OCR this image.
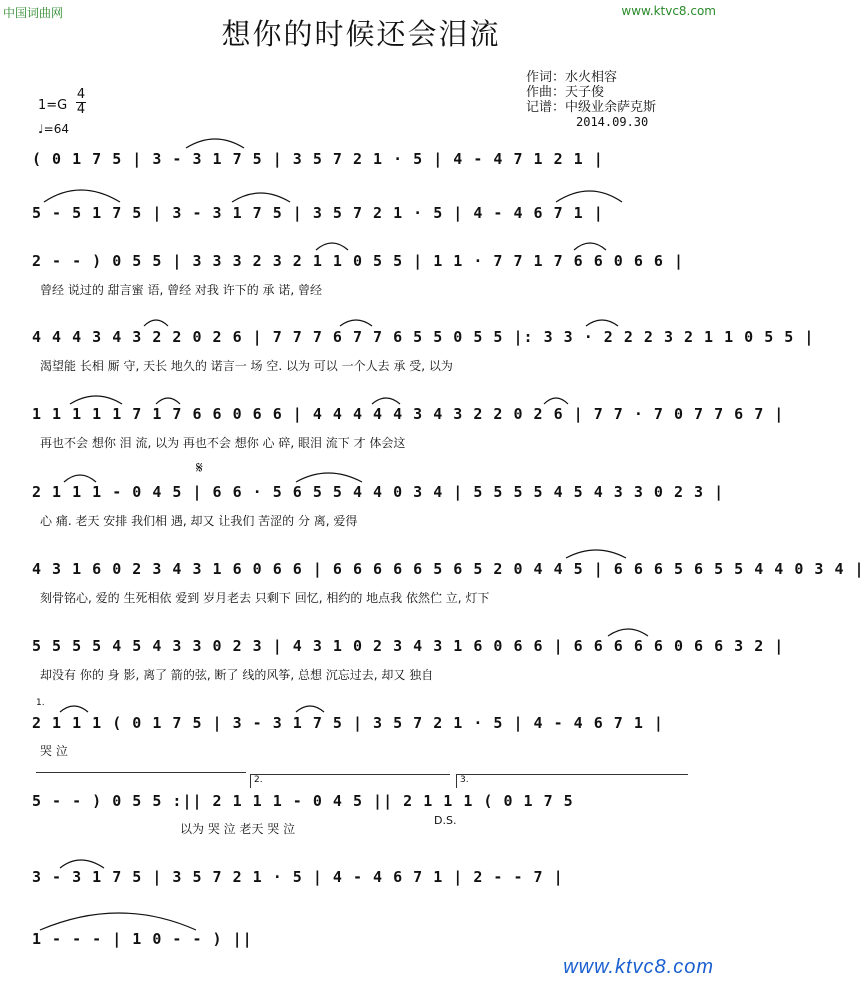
中国词曲网	www.ktvc8.com
想你的时候还会泪流
作词：水火相容
作曲：天子俊
记谱：中级业余萨克斯
2014.09.30
1=G
4
4
♩=64
( 0 1 7 5 | 3 - 3 1 7 5 | 3 5 7 2 1 · 5 | 4 - 4 7 1 2 1 |
5 - 5 1 7 5 | 3 - 3 1 7 5 | 3 5 7 2 1 · 5 | 4 - 4 6 7 1 |
2 - - ) 0 5 5 | 3 3 3 2 3 2 1 1 0 5 5 | 1 1 · 7 7 1 7 6 6 0 6 6 |
曾经 说过的 甜言蜜 语, 曾经 对我 许下的 承 诺, 曾经
4 4 4 3 4 3 2 2 0 2 6 | 7 7 7 6 7 7 6 5 5 0 5 5 |: 3 3 · 2 2 2 3 2 1 1 0 5 5 |
渴望能 长相 厮 守, 天长 地久的 诺言一 场 空. 以为 可以 一个人去 承 受, 以为
1 1 1 1 1 7 1 7 6 6 0 6 6 | 4 4 4 4 4 3 4 3 2 2 0 2 6 | 7 7 · 7 0 7 7 6 7 |
再也不会 想你 泪 流, 以为 再也不会 想你 心 碎, 眼泪 流下 才 体会这
𝄋
2 1 1 1 - 0 4 5 | 6 6 · 5 6 5 5 4 4 0 3 4 | 5 5 5 5 4 5 4 3 3 0 2 3 |
心 痛. 老天 安排 我们相 遇, 却又 让我们 苦涩的 分 离, 爱得
4 3 1 6 0 2 3 4 3 1 6 0 6 6 | 6 6 6 6 6 5 6 5 2 0 4 4 5 | 6 6 6 5 6 5 5 4 4 0 3 4 |
刻骨铭心, 爱的 生死相依 爱到 岁月老去 只剩下 回忆, 相约的 地点我 依然伫 立, 灯下
5 5 5 5 4 5 4 3 3 0 2 3 | 4 3 1 0 2 3 4 3 1 6 0 6 6 | 6 6 6 6 6 0 6 6 3 2 |
却没有 你的 身 影, 离了 箭的弦, 断了 线的风筝, 总想 沉忘过去, 却又 独自
1.
2 1 1 1 ( 0 1 7 5 | 3 - 3 1 7 5 | 3 5 7 2 1 · 5 | 4 - 4 6 7 1 |
哭 泣
2.	3.
5 - - ) 0 5 5 :|| 2 1 1 1 - 0 4 5 || 2 1 1 1 ( 0 1 7 5
D.S.
以为 哭 泣 老天 哭 泣
3 - 3 1 7 5 | 3 5 7 2 1 · 5 | 4 - 4 6 7 1 | 2 - - 7 |
1 - - - | 1 0 - - ) ||
www.ktvc8.com
